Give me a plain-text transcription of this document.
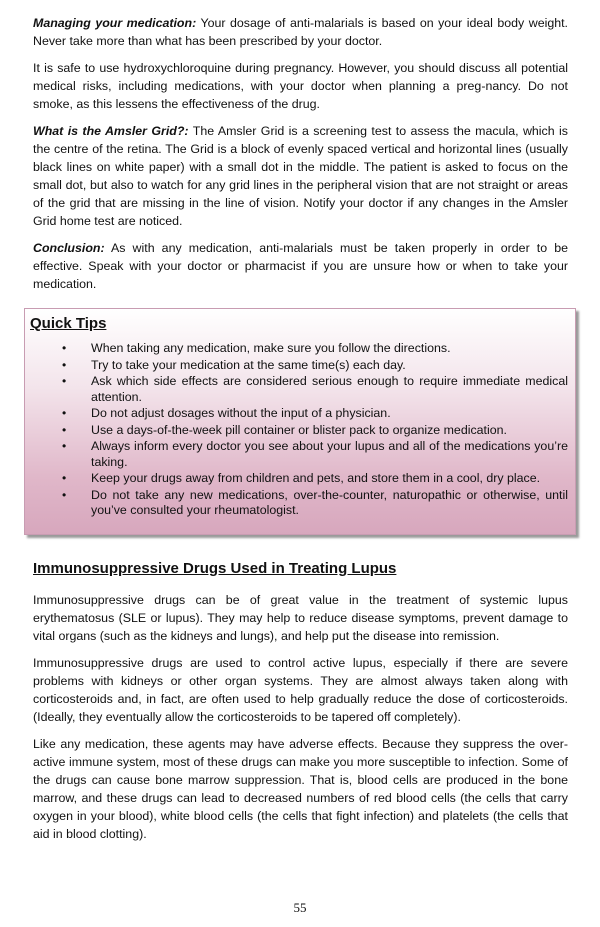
Managing your medication: Your dosage of anti-malarials is based on your ideal body weight. Never take more than what has been prescribed by your doctor.

It is safe to use hydroxychloroquine during pregnancy. However, you should discuss all potential medical risks, including medications, with your doctor when planning a preg-nancy. Do not smoke, as this lessens the effectiveness of the drug.

What is the Amsler Grid?: The Amsler Grid is a screening test to assess the macula, which is the centre of the retina. The Grid is a block of evenly spaced vertical and horizontal lines (usually black lines on white paper) with a small dot in the middle. The patient is asked to focus on the small dot, but also to watch for any grid lines in the peripheral vision that are not straight or areas of the grid that are missing in the line of vision. Notify your doctor if any changes in the Amsler Grid home test are noticed.

Conclusion: As with any medication, anti-malarials must be taken properly in order to be effective. Speak with your doctor or pharmacist if you are unsure how or when to take your medication.

Quick Tips
• When taking any medication, make sure you follow the directions.
• Try to take your medication at the same time(s) each day.
• Ask which side effects are considered serious enough to require immediate medical attention.
• Do not adjust dosages without the input of a physician.
• Use a days-of-the-week pill container or blister pack to organize medication.
• Always inform every doctor you see about your lupus and all of the medications you’re taking.
• Keep your drugs away from children and pets, and store them in a cool, dry place.
• Do not take any new medications, over-the-counter, naturopathic or otherwise, until you’ve consulted your rheumatologist.
Immunosuppressive Drugs Used in Treating Lupus

Immunosuppressive drugs can be of great value in the treatment of systemic lupus erythematosus (SLE or lupus). They may help to reduce disease symptoms, prevent damage to vital organs (such as the kidneys and lungs), and help put the disease into remission.

Immunosuppressive drugs are used to control active lupus, especially if there are severe problems with kidneys or other organ systems. They are almost always taken along with corticosteroids and, in fact, are often used to help gradually reduce the dose of corticosteroids. (Ideally, they eventually allow the corticosteroids to be tapered off completely).

Like any medication, these agents may have adverse effects. Because they suppress the over-active immune system, most of these drugs can make you more susceptible to infection. Some of the drugs can cause bone marrow suppression. That is, blood cells are produced in the bone marrow, and these drugs can lead to decreased numbers of red blood cells (the cells that carry oxygen in your blood), white blood cells (the cells that fight infection) and platelets (the cells that aid in blood clotting).

55
